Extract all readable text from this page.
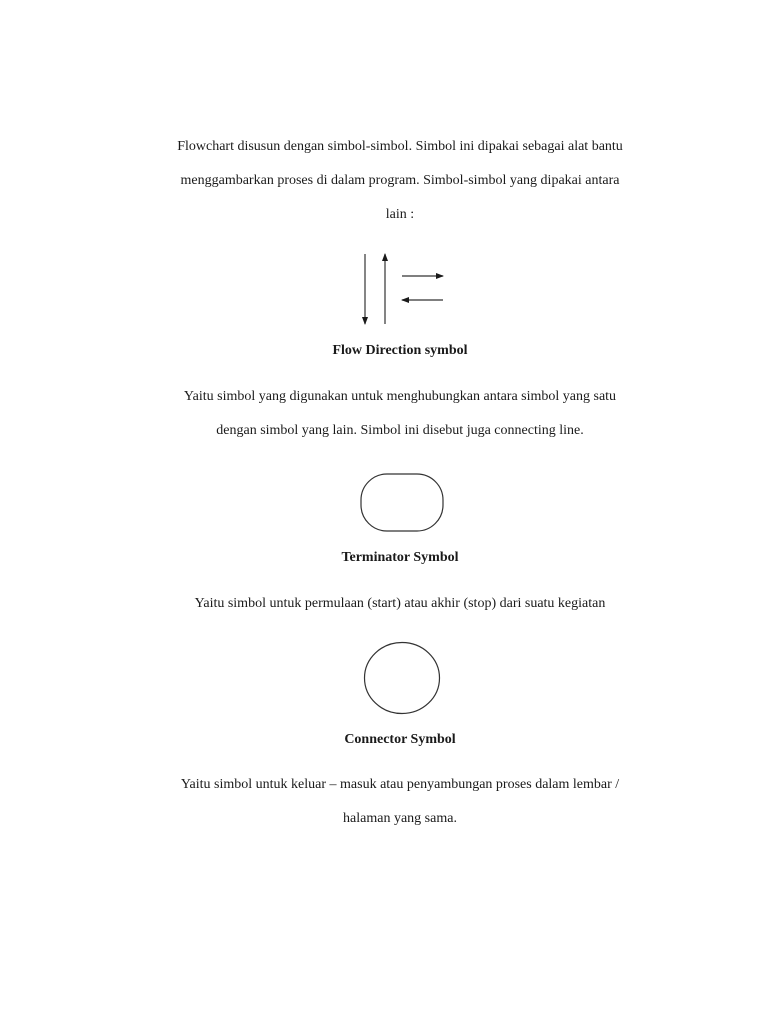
Flowchart disusun dengan simbol-simbol. Simbol ini dipakai sebagai alat bantu
menggambarkan proses di dalam program. Simbol-simbol yang dipakai antara
lain :

Flow Direction symbol

Yaitu simbol yang digunakan untuk menghubungkan antara simbol yang satu
dengan simbol yang lain. Simbol ini disebut juga connecting line.

Terminator Symbol

Yaitu simbol untuk permulaan (start) atau akhir (stop) dari suatu kegiatan

Connector Symbol

Yaitu simbol untuk keluar – masuk atau penyambungan proses dalam lembar /
halaman yang sama.
